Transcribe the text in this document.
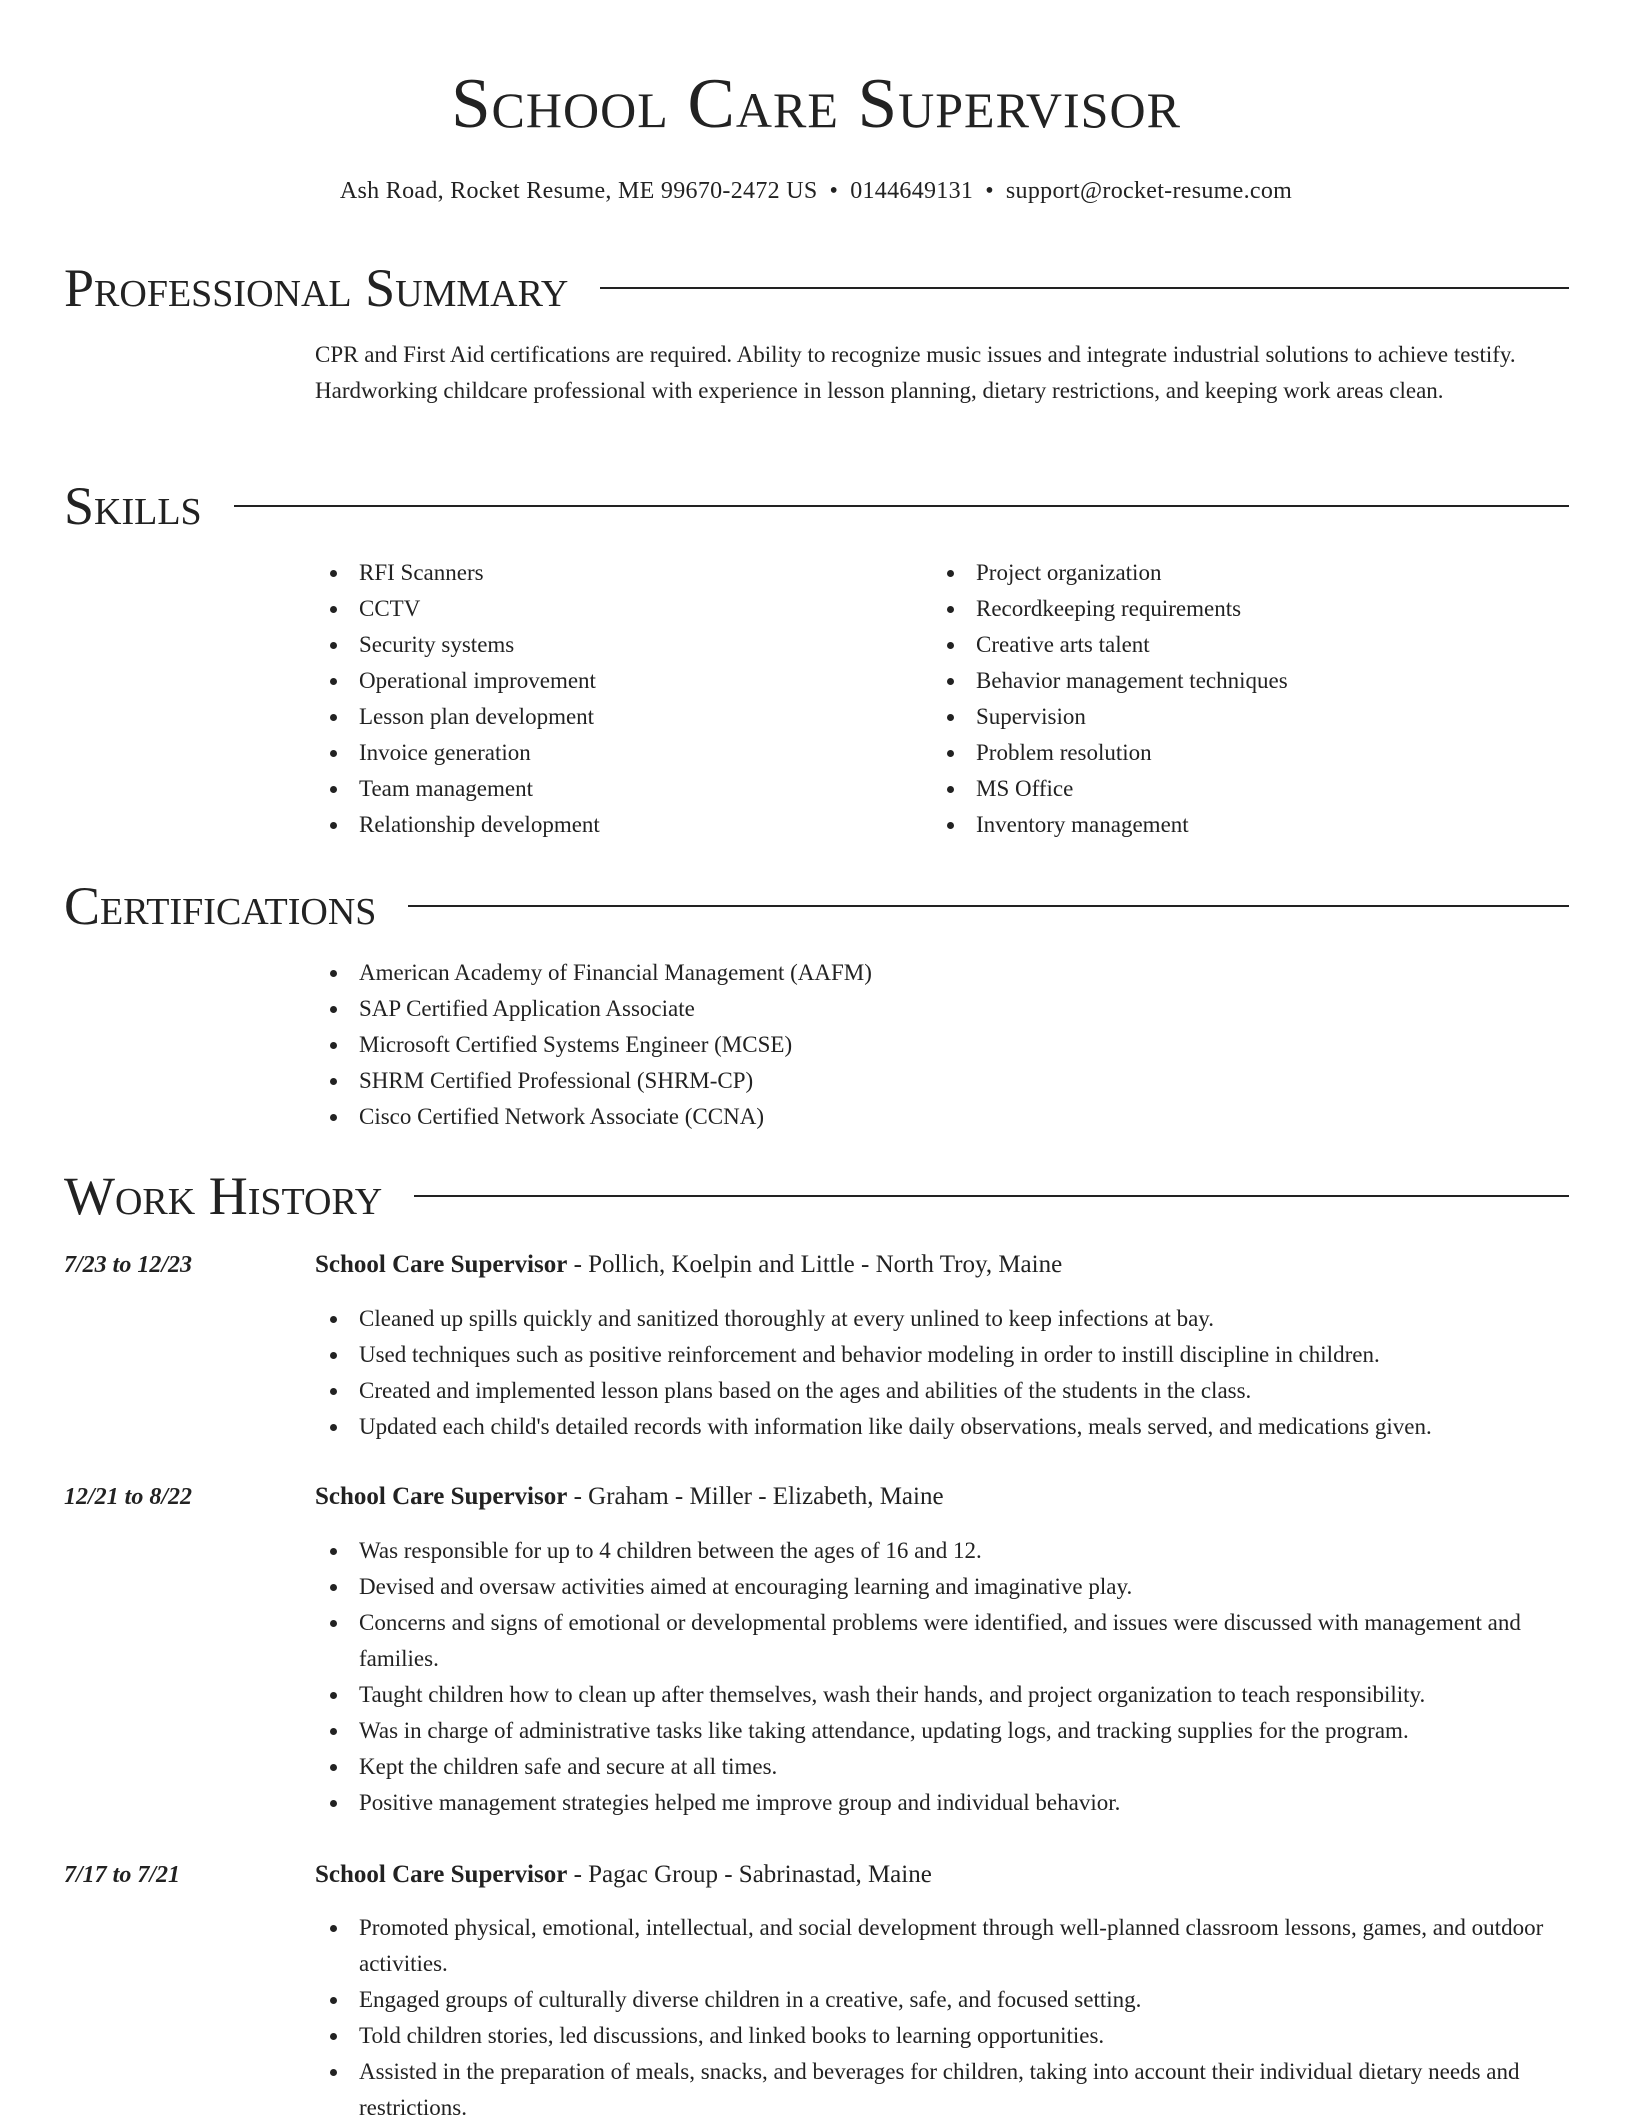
School Care Supervisor
Ash Road, Rocket Resume, ME 99670-2472 US • 0144649131 • support@rocket-resume.com
Professional Summary
CPR and First Aid certifications are required. Ability to recognize music issues and integrate industrial solutions to achieve testify. Hardworking childcare professional with experience in lesson planning, dietary restrictions, and keeping work areas clean.
Skills
RFI Scanners
CCTV
Security systems
Operational improvement
Lesson plan development
Invoice generation
Team management
Relationship development
Project organization
Recordkeeping requirements
Creative arts talent
Behavior management techniques
Supervision
Problem resolution
MS Office
Inventory management
Certifications
American Academy of Financial Management (AAFM)
SAP Certified Application Associate
Microsoft Certified Systems Engineer (MCSE)
SHRM Certified Professional (SHRM-CP)
Cisco Certified Network Associate (CCNA)
Work History
7/23 to 12/23	School Care Supervisor - Pollich, Koelpin and Little - North Troy, Maine
Cleaned up spills quickly and sanitized thoroughly at every unlined to keep infections at bay.
Used techniques such as positive reinforcement and behavior modeling in order to instill discipline in children.
Created and implemented lesson plans based on the ages and abilities of the students in the class.
Updated each child's detailed records with information like daily observations, meals served, and medications given.
12/21 to 8/22	School Care Supervisor - Graham - Miller - Elizabeth, Maine
Was responsible for up to 4 children between the ages of 16 and 12.
Devised and oversaw activities aimed at encouraging learning and imaginative play.
Concerns and signs of emotional or developmental problems were identified, and issues were discussed with management and families.
Taught children how to clean up after themselves, wash their hands, and project organization to teach responsibility.
Was in charge of administrative tasks like taking attendance, updating logs, and tracking supplies for the program.
Kept the children safe and secure at all times.
Positive management strategies helped me improve group and individual behavior.
7/17 to 7/21	School Care Supervisor - Pagac Group - Sabrinastad, Maine
Promoted physical, emotional, intellectual, and social development through well-planned classroom lessons, games, and outdoor activities.
Engaged groups of culturally diverse children in a creative, safe, and focused setting.
Told children stories, led discussions, and linked books to learning opportunities.
Assisted in the preparation of meals, snacks, and beverages for children, taking into account their individual dietary needs and restrictions.
